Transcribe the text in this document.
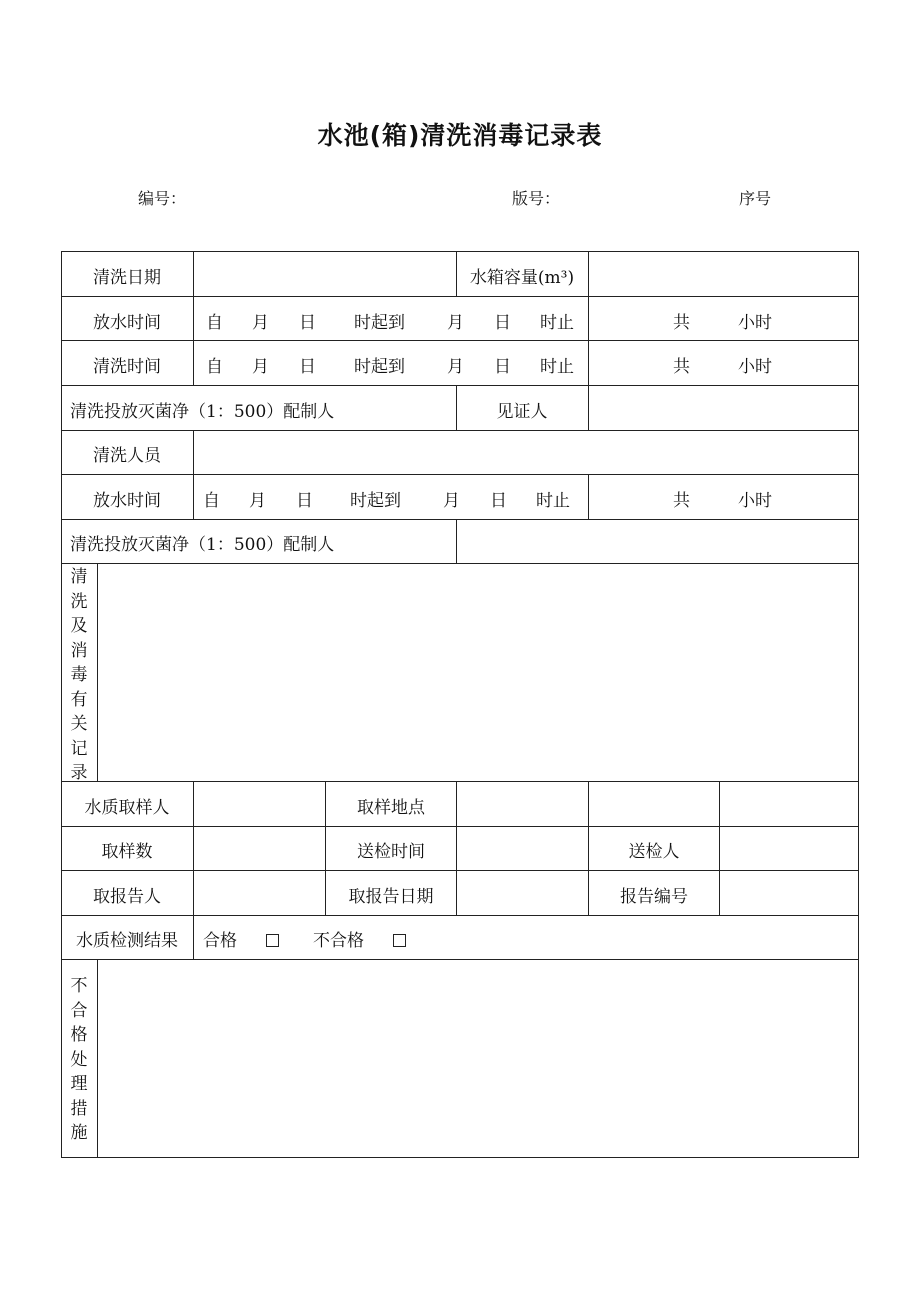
水池(箱)清洗消毒记录表
编号：	版号：	序号
清洗日期	水箱容量(m³)
放水时间	自 月 日 时起到 月 日 时止	共	小时
清洗时间	自 月 日 时起到 月 日 时止	共	小时
清洗投放灭菌净（1：500）配制人	见证人
清洗人员
放水时间 自 月 日 时起到 月 日 时止	共	小时
清洗投放灭菌净（1：500）配制人
清洗及消毒有关记录
水质取样人	取样地点
取样数	送检时间	送检人
取报告人	取报告日期	报告编号
水质检测结果 合格	不合格
不合格处理措施
